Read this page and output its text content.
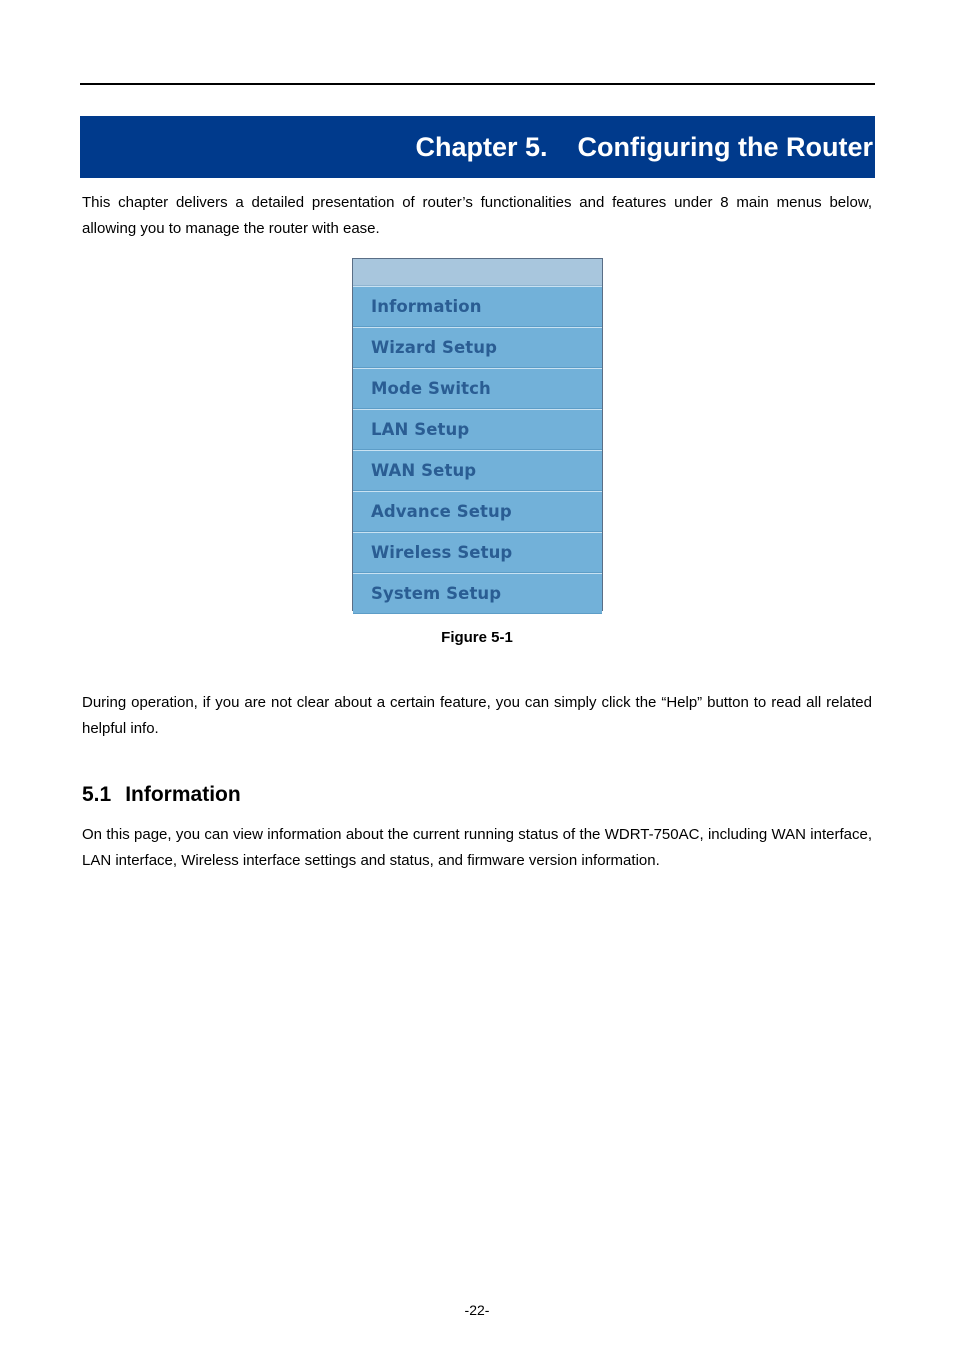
Chapter 5. Configuring the Router
This chapter delivers a detailed presentation of router’s functionalities and features under 8 main menus below, allowing you to manage the router with ease.
Information
Wizard Setup
Mode Switch
LAN Setup
WAN Setup
Advance Setup
Wireless Setup
System Setup
Figure 5-1
During operation, if you are not clear about a certain feature, you can simply click the “Help” button to read all related helpful info.
5.1 Information
On this page, you can view information about the current running status of the WDRT-750AC, including WAN interface, LAN interface, Wireless interface settings and status, and firmware version information.
-22-
